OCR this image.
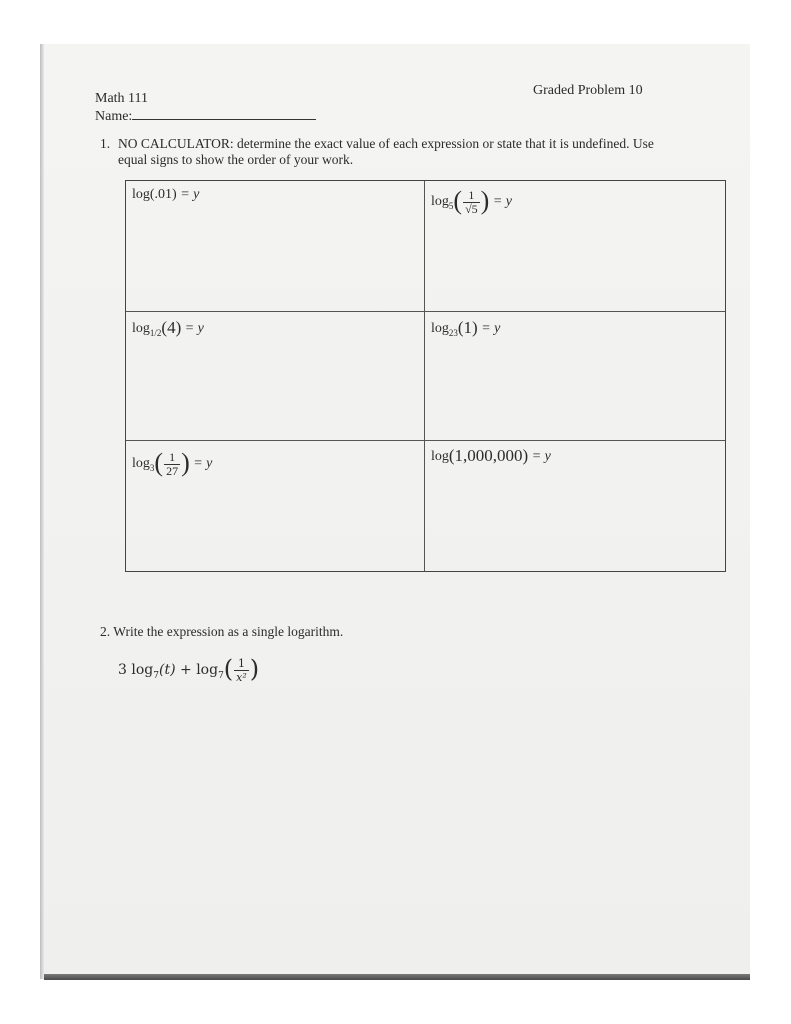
Math 111
Name:
Graded Problem 10
1. NO CALCULATOR: determine the exact value of each expression or state that it is undefined. Use equal signs to show the order of your work.
log(.01) = y	$\log_5( \frac{1}{√5}$ ) = y
$\log_{1/2}(4) = y$	$\log_{23}(1) = y$
$\log_3( \frac{1}{27}$ ) = y	log(1,000,000) = y
2. Write the expression as a single logarithm.
3 $\log_7(t) + \log_7( \frac{1}{\text{x²}}$ )
